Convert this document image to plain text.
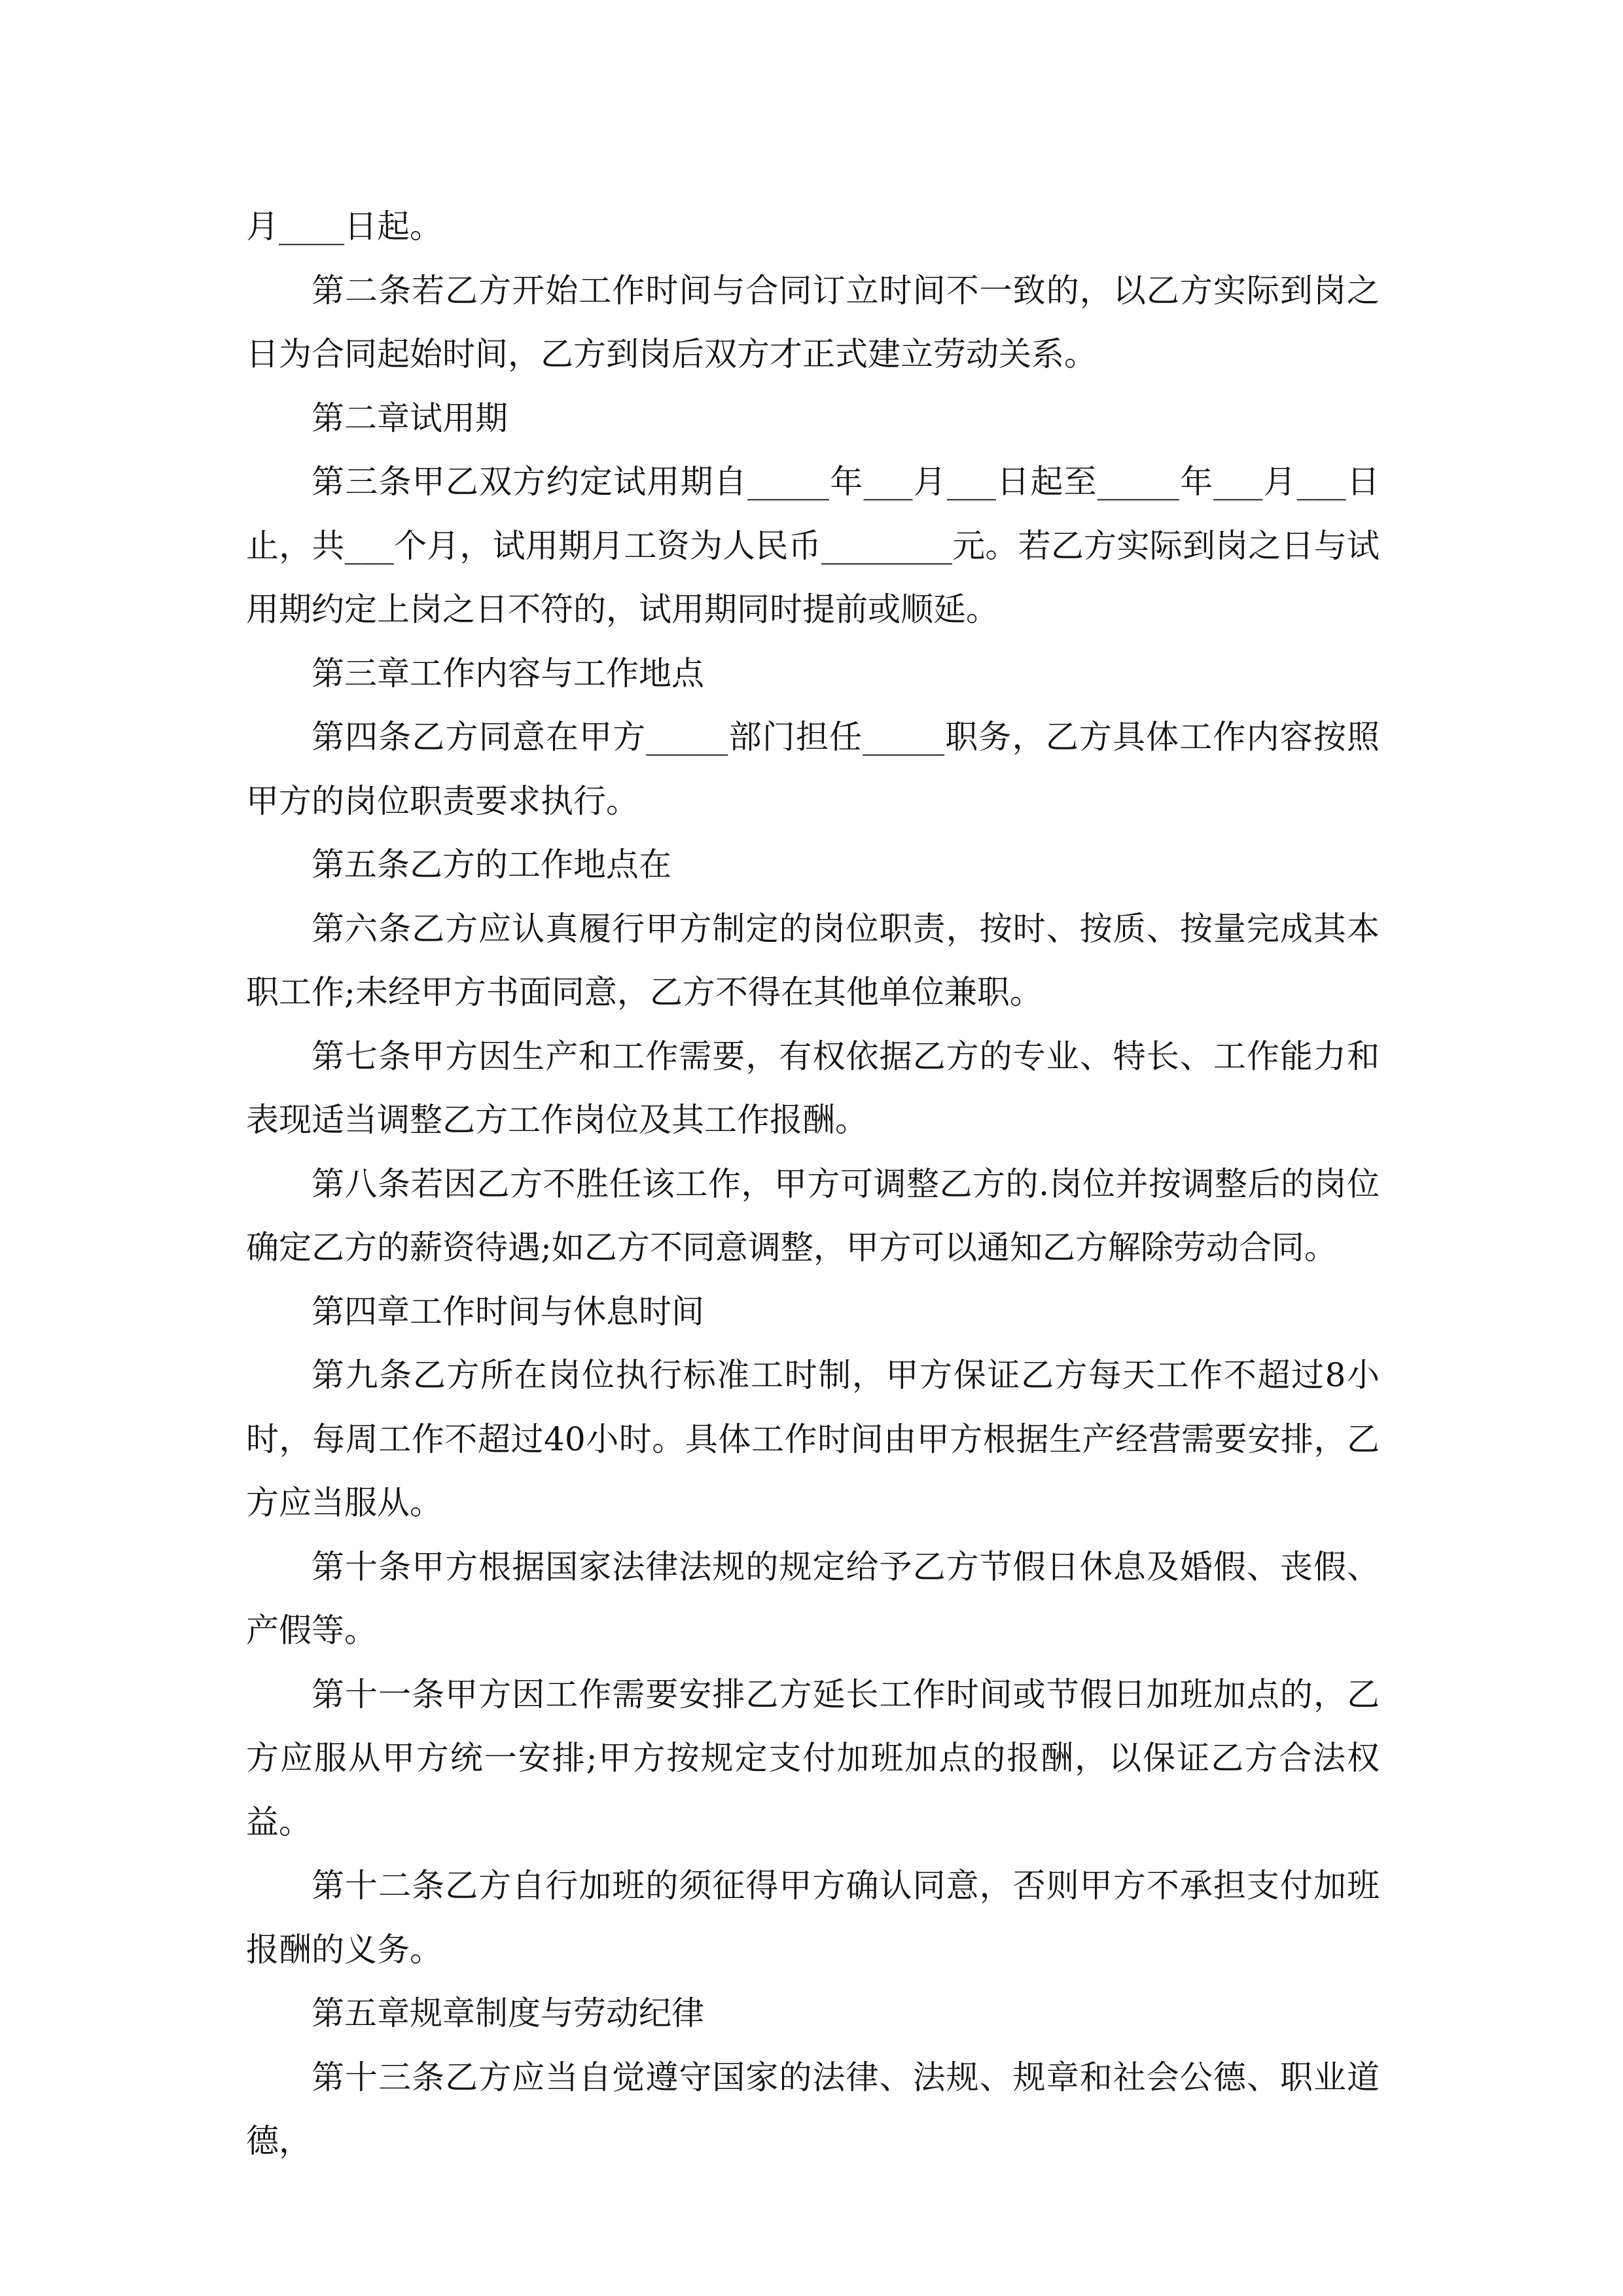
月____日起。

第二条若乙方开始工作时间与合同订立时间不一致的，以乙方实际到岗之日为合同起始时间，乙方到岗后双方才正式建立劳动关系。

第二章试用期

第三条甲乙双方约定试用期自_____年___月___日起至_____年___月___日止，共___个月，试用期月工资为人民币________元。若乙方实际到岗之日与试用期约定上岗之日不符的，试用期同时提前或顺延。

第三章工作内容与工作地点

第四条乙方同意在甲方_____部门担任_____职务，乙方具体工作内容按照甲方的岗位职责要求执行。

第五条乙方的工作地点在

第六条乙方应认真履行甲方制定的岗位职责，按时、按质、按量完成其本职工作;未经甲方书面同意，乙方不得在其他单位兼职。

第七条甲方因生产和工作需要，有权依据乙方的专业、特长、工作能力和表现适当调整乙方工作岗位及其工作报酬。

第八条若因乙方不胜任该工作，甲方可调整乙方的.岗位并按调整后的岗位确定乙方的薪资待遇;如乙方不同意调整，甲方可以通知乙方解除劳动合同。

第四章工作时间与休息时间

第九条乙方所在岗位执行标准工时制，甲方保证乙方每天工作不超过8小时，每周工作不超过40小时。具体工作时间由甲方根据生产经营需要安排，乙方应当服从。

第十条甲方根据国家法律法规的规定给予乙方节假日休息及婚假、丧假、产假等。

第十一条甲方因工作需要安排乙方延长工作时间或节假日加班加点的，乙方应服从甲方统一安排;甲方按规定支付加班加点的报酬，以保证乙方合法权益。

第十二条乙方自行加班的须征得甲方确认同意，否则甲方不承担支付加班报酬的义务。

第五章规章制度与劳动纪律

第十三条乙方应当自觉遵守国家的法律、法规、规章和社会公德、职业道德，
